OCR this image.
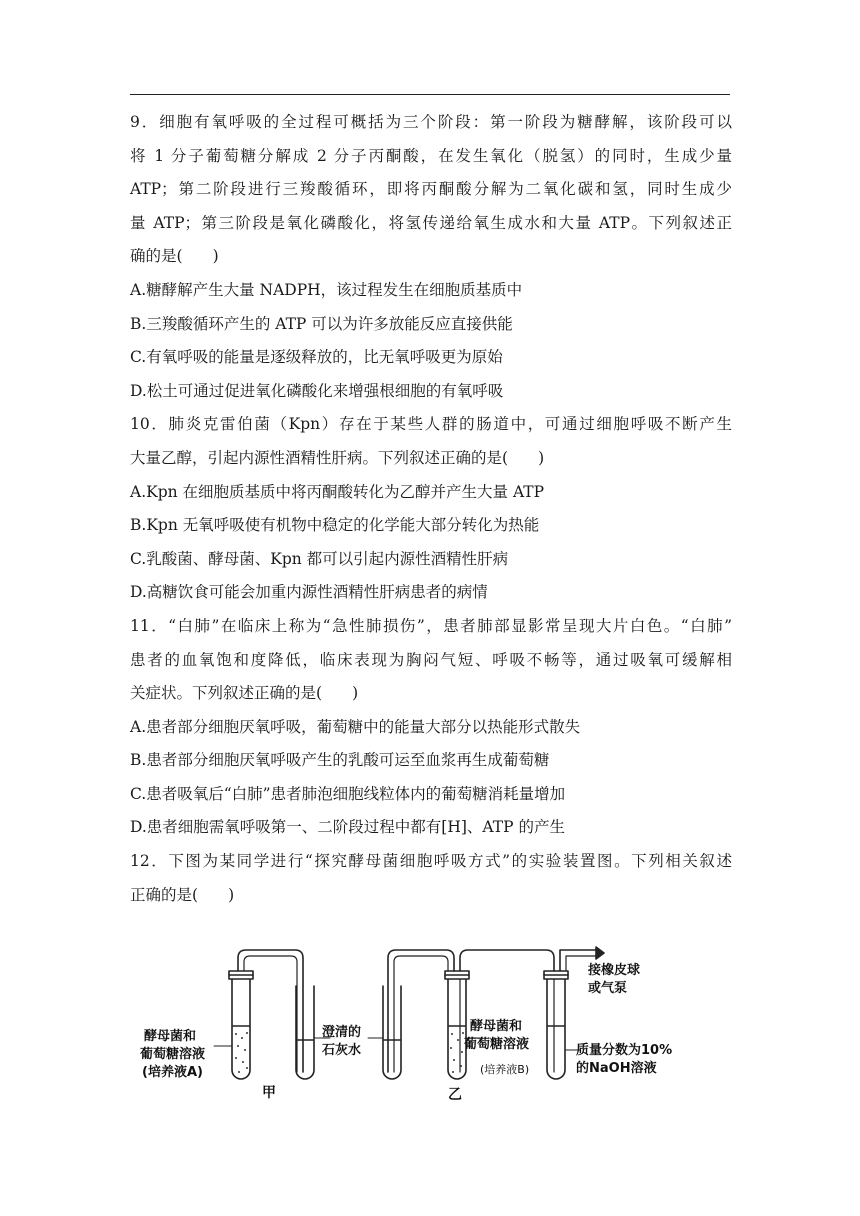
9．细胞有氧呼吸的全过程可概括为三个阶段：第一阶段为糖酵解，该阶段可以
将 1 分子葡萄糖分解成 2 分子丙酮酸，在发生氧化（脱氢）的同时，生成少量
ATP；第二阶段进行三羧酸循环，即将丙酮酸分解为二氧化碳和氢，同时生成少
量 ATP；第三阶段是氧化磷酸化，将氢传递给氧生成水和大量 ATP。下列叙述正
确的是( )
A.糖酵解产生大量 NADPH，该过程发生在细胞质基质中
B.三羧酸循环产生的 ATP 可以为许多放能反应直接供能
C.有氧呼吸的能量是逐级释放的，比无氧呼吸更为原始
D.松土可通过促进氧化磷酸化来增强根细胞的有氧呼吸
10．肺炎克雷伯菌（Kpn）存在于某些人群的肠道中，可通过细胞呼吸不断产生
大量乙醇，引起内源性酒精性肝病。下列叙述正确的是( )
A.Kpn 在细胞质基质中将丙酮酸转化为乙醇并产生大量 ATP
B.Kpn 无氧呼吸使有机物中稳定的化学能大部分转化为热能
C.乳酸菌、酵母菌、Kpn 都可以引起内源性酒精性肝病
D.高糖饮食可能会加重内源性酒精性肝病患者的病情
11．“白肺”在临床上称为“急性肺损伤”，患者肺部显影常呈现大片白色。“白肺”
患者的血氧饱和度降低，临床表现为胸闷气短、呼吸不畅等，通过吸氧可缓解相
关症状。下列叙述正确的是( )
A.患者部分细胞厌氧呼吸，葡萄糖中的能量大部分以热能形式散失
B.患者部分细胞厌氧呼吸产生的乳酸可运至血浆再生成葡萄糖
C.患者吸氧后“白肺”患者肺泡细胞线粒体内的葡萄糖消耗量增加
D.患者细胞需氧呼吸第一、二阶段过程中都有[H]、ATP 的产生
12．下图为某同学进行“探究酵母菌细胞呼吸方式”的实验装置图。下列相关叙述
正确的是( )
酵母菌和
葡萄糖溶液
(培养液A)
澄清的
石灰水
酵母菌和
葡萄糖溶液
(培养液B)
接橡皮球
或气泵
质量分数为10%
的NaOH溶液
甲	乙
